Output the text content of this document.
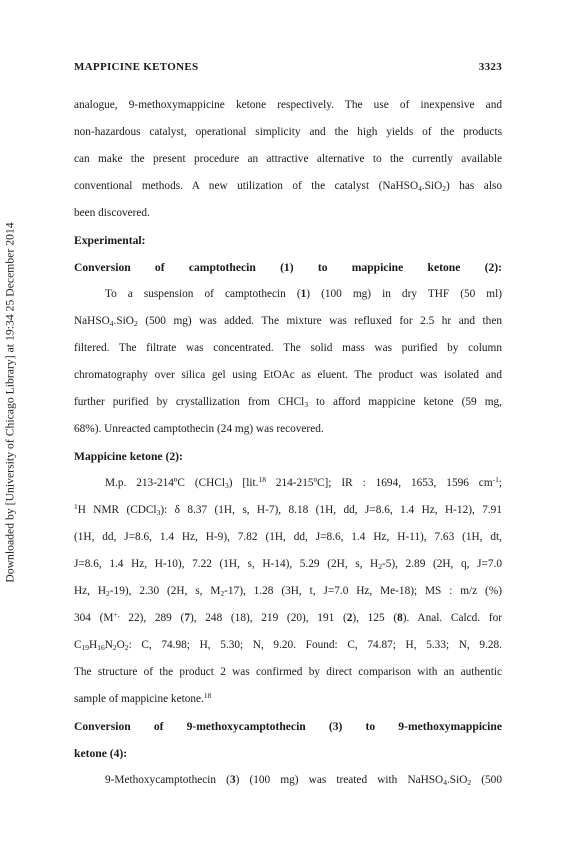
Downloaded by [University of Chicago Library] at 19:34 25 December 2014
MAPPICINE KETONES	3323
analogue, 9-methoxymappicine ketone respectively. The use of inexpensive and
non-hazardous catalyst, operational simplicity and the high yields of the products
can make the present procedure an attractive alternative to the currently available
conventional methods. A new utilization of the catalyst (NaHSO$_4$.SiO$_2$) has also
been discovered.
Experimental:
Conversion of camptothecin (1) to mappicine ketone (2):
To a suspension of camptothecin (1) (100 mg) in dry THF (50 ml)
NaHSO$_4$.SiO$_2$ (500 mg) was added. The mixture was refluxed for 2.5 hr and then
filtered. The filtrate was concentrated. The solid mass was purified by column
chromatography over silica gel using EtOAc as eluent. The product was isolated and
further purified by crystallization from CHCl$_3$ to afford mappicine ketone (59 mg,
68%). Unreacted camptothecin (24 mg) was recovered.
Mappicine ketone (2):
M.p. 213-214ºC (CHCl$_3$) [lit.$^{18}$ 214-215ºC]; IR : 1694, 1653, 1596 $cm^{-1}$;
$^1$H NMR (CDCl$_3$): δ 8.37 (1H, s, H-7), 8.18 (1H, dd, J=8.6, 1.4 Hz, H-12), 7.91
(1H, dd, J=8.6, 1.4 Hz, H-9), 7.82 (1H, dd, J=8.6, 1.4 Hz, H-11), 7.63 (1H, dt,
J=8.6, 1.4 Hz, H-10), 7.22 (1H, s, H-14), 5.29 (2H, s, $H_2-5$), 2.89 (2H, q, J=7.0
Hz, $H_2-19$), 2.30 (2H, s, $M_2-17$), 1.28 (3H, t, J=7.0 Hz, Me-18); MS : m/z (%)
304 (M+, 22), 289 (7), 248 (18), 219 (20), 191 (2), 125 (8). Anal. Calcd. for
$C_{19}H_{16}N_2O_2$: C, 74.98; H, 5.30; N, 9.20. Found: C, 74.87; H, 5.33; N, 9.28.
The structure of the product 2 was confirmed by direct comparison with an authentic
sample of mappicine ketone.$^{18}$
Conversion of 9-methoxycamptothecin (3) to 9-methoxymappicine
ketone (4):
9-Methoxycamptothecin (3) (100 mg) was treated with NaHSO$_4$.SiO$_2$ (500
